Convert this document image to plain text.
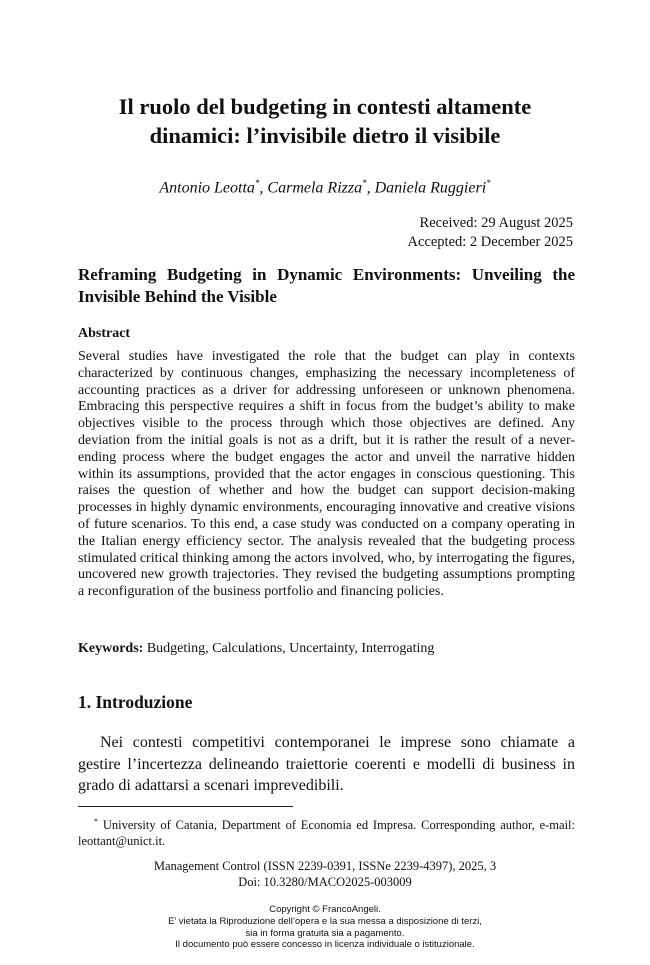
Il ruolo del budgeting in contesti altamente
dinamici: l’invisibile dietro il visibile
Antonio Leotta*, Carmela Rizza*, Daniela Ruggieri*
Received: 29 August 2025
Accepted: 2 December 2025
Reframing Budgeting in Dynamic Environments: Unveiling the Invisible Behind the Visible
Abstract

Several studies have investigated the role that the budget can play in contexts characterized by continuous changes, emphasizing the necessary incompleteness of accounting practices as a driver for addressing unforeseen or unknown phenomena. Embracing this perspective requires a shift in focus from the budget’s ability to make objectives visible to the process through which those objectives are defined. Any deviation from the initial goals is not as a drift, but it is rather the result of a never-ending process where the budget engages the actor and unveil the narrative hidden within its assumptions, provided that the actor engages in conscious questioning. This raises the question of whether and how the budget can support decision-making processes in highly dynamic environments, encouraging innovative and creative visions of future scenarios. To this end, a case study was conducted on a company operating in the Italian energy efficiency sector. The analysis revealed that the budgeting process stimulated critical thinking among the actors involved, who, by interrogating the figures, uncovered new growth trajectories. They revised the budgeting assumptions prompting a reconfiguration of the business portfolio and financing policies.

Keywords: Budgeting, Calculations, Uncertainty, Interrogating
1. Introduzione

Nei contesti competitivi contemporanei le imprese sono chiamate a gestire l’incertezza delineando traiettorie coerenti e modelli di business in grado di adattarsi a scenari imprevedibili.

* University of Catania, Department of Economia ed Impresa. Corresponding author, e-mail: leottant@unict.it.

Management Control (ISSN 2239-0391, ISSNe 2239-4397), 2025, 3
Doi: 10.3280/MACO2025-003009
Copyright © FrancoAngeli.
E’ vietata la Riproduzione dell’opera e la sua messa a disposizione di terzi,
sia in forma gratuita sia a pagamento.
Il documento può essere concesso in licenza individuale o istituzionale.
